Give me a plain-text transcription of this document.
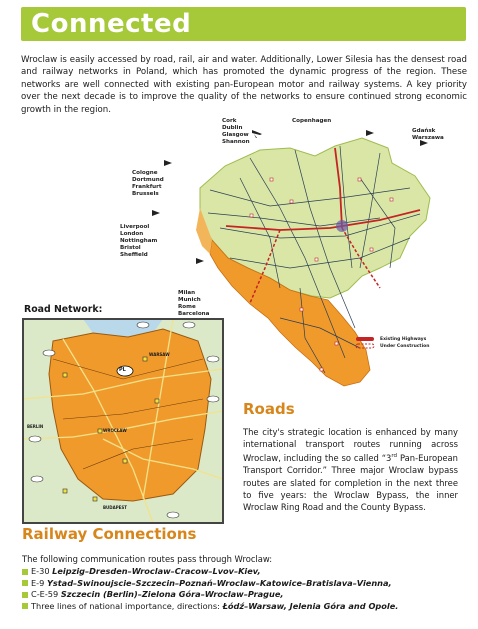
Connected

Wroclaw is easily accessed by road, rail, air and water. Additionally, Lower Silesia has the densest road and railway networks in Poland, which has promoted the dynamic progress of the region. These networks are well connected with existing pan-European motor and railway systems. A key priority over the next decade is to improve the quality of the networks to ensure continued strong economic growth in the region.

Cork
Dublin
Glasgow
Shannon
Copenhagen
Gdańsk
Warszawa
Cologne
Dortmund
Frankfurt
Brussels
Liverpool
London
Nottingham
Bristol
Sheffield
Milan
Munich
Rome
Barcelona
Existing Highways
Under Construction

Road Network:

PL
WARSAW
WROCŁAW
BERLIN
BUDAPEST
Roads

The city's strategic location is enhanced by many international transport routes running across Wroclaw, including the so called “3rd Pan-European Transport Corridor.” Three major Wroclaw bypass routes are slated for completion in the next three to five years: the Wroclaw Bypass, the inner Wroclaw Ring Road and the County Bypass.

Railway Connections

The following communication routes pass through Wroclaw:

E-30 Leipzig–Dresden–Wroclaw–Cracow–Lvov–Kiev,
E-9 Ystad–Swinoujscie–Szczecin–Poznań–Wroclaw–Katowice–Bratislava–Vienna,
C-E-59 Szczecin (Berlin)–Zielona Góra–Wroclaw–Prague,
Three lines of national importance, directions: Łódź–Warsaw, Jelenia Góra and Opole.
